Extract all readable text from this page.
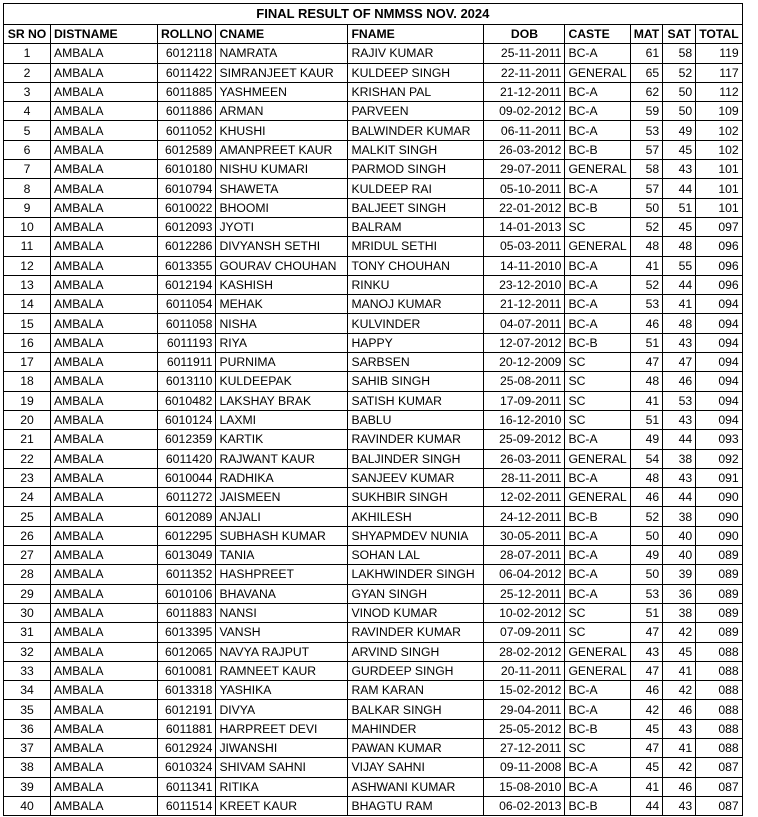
FINAL RESULT OF NMMSS NOV. 2024									
SR NO	DISTNAME	ROLLNO	CNAME	FNAME	DOB	CASTE	MAT	SAT	TOTAL
1	AMBALA	6012118	NAMRATA	RAJIV KUMAR	25-11-2011	BC-A	61	58	119
2	AMBALA	6011422	SIMRANJEET KAUR	KULDEEP SINGH	22-11-2011	GENERAL	65	52	117
3	AMBALA	6011885	YASHMEEN	KRISHAN PAL	21-12-2011	BC-A	62	50	112
4	AMBALA	6011886	ARMAN	PARVEEN	09-02-2012	BC-A	59	50	109
5	AMBALA	6011052	KHUSHI	BALWINDER KUMAR	06-11-2011	BC-A	53	49	102
6	AMBALA	6012589	AMANPREET KAUR	MALKIT SINGH	26-03-2012	BC-B	57	45	102
7	AMBALA	6010180	NISHU KUMARI	PARMOD SINGH	29-07-2011	GENERAL	58	43	101
8	AMBALA	6010794	SHAWETA	KULDEEP RAI	05-10-2011	BC-A	57	44	101
9	AMBALA	6010022	BHOOMI	BALJEET SINGH	22-01-2012	BC-B	50	51	101
10	AMBALA	6012093	JYOTI	BALRAM	14-01-2013	SC	52	45	097
11	AMBALA	6012286	DIVYANSH SETHI	MRIDUL SETHI	05-03-2011	GENERAL	48	48	096
12	AMBALA	6013355	GOURAV CHOUHAN	TONY CHOUHAN	14-11-2010	BC-A	41	55	096
13	AMBALA	6012194	KASHISH	RINKU	23-12-2010	BC-A	52	44	096
14	AMBALA	6011054	MEHAK	MANOJ KUMAR	21-12-2011	BC-A	53	41	094
15	AMBALA	6011058	NISHA	KULVINDER	04-07-2011	BC-A	46	48	094
16	AMBALA	6011193	RIYA	HAPPY	12-07-2012	BC-B	51	43	094
17	AMBALA	6011911	PURNIMA	SARBSEN	20-12-2009	SC	47	47	094
18	AMBALA	6013110	KULDEEPAK	SAHIB SINGH	25-08-2011	SC	48	46	094
19	AMBALA	6010482	LAKSHAY BRAK	SATISH KUMAR	17-09-2011	SC	41	53	094
20	AMBALA	6010124	LAXMI	BABLU	16-12-2010	SC	51	43	094
21	AMBALA	6012359	KARTIK	RAVINDER KUMAR	25-09-2012	BC-A	49	44	093
22	AMBALA	6011420	RAJWANT KAUR	BALJINDER SINGH	26-03-2011	GENERAL	54	38	092
23	AMBALA	6010044	RADHIKA	SANJEEV KUMAR	28-11-2011	BC-A	48	43	091
24	AMBALA	6011272	JAISMEEN	SUKHBIR SINGH	12-02-2011	GENERAL	46	44	090
25	AMBALA	6012089	ANJALI	AKHILESH	24-12-2011	BC-B	52	38	090
26	AMBALA	6012295	SUBHASH KUMAR	SHYAPMDEV NUNIA	30-05-2011	BC-A	50	40	090
27	AMBALA	6013049	TANIA	SOHAN LAL	28-07-2011	BC-A	49	40	089
28	AMBALA	6011352	HASHPREET	LAKHWINDER SINGH	06-04-2012	BC-A	50	39	089
29	AMBALA	6010106	BHAVANA	GYAN SINGH	25-12-2011	BC-A	53	36	089
30	AMBALA	6011883	NANSI	VINOD KUMAR	10-02-2012	SC	51	38	089
31	AMBALA	6013395	VANSH	RAVINDER KUMAR	07-09-2011	SC	47	42	089
32	AMBALA	6012065	NAVYA RAJPUT	ARVIND SINGH	28-02-2012	GENERAL	43	45	088
33	AMBALA	6010081	RAMNEET KAUR	GURDEEP SINGH	20-11-2011	GENERAL	47	41	088
34	AMBALA	6013318	YASHIKA	RAM KARAN	15-02-2012	BC-A	46	42	088
35	AMBALA	6012191	DIVYA	BALKAR SINGH	29-04-2011	BC-A	42	46	088
36	AMBALA	6011881	HARPREET DEVI	MAHINDER	25-05-2012	BC-B	45	43	088
37	AMBALA	6012924	JIWANSHI	PAWAN KUMAR	27-12-2011	SC	47	41	088
38	AMBALA	6010324	SHIVAM SAHNI	VIJAY SAHNI	09-11-2008	BC-A	45	42	087
39	AMBALA	6011341	RITIKA	ASHWANI KUMAR	15-08-2010	BC-A	41	46	087
40	AMBALA	6011514	KREET KAUR	BHAGTU RAM	06-02-2013	BC-B	44	43	087
